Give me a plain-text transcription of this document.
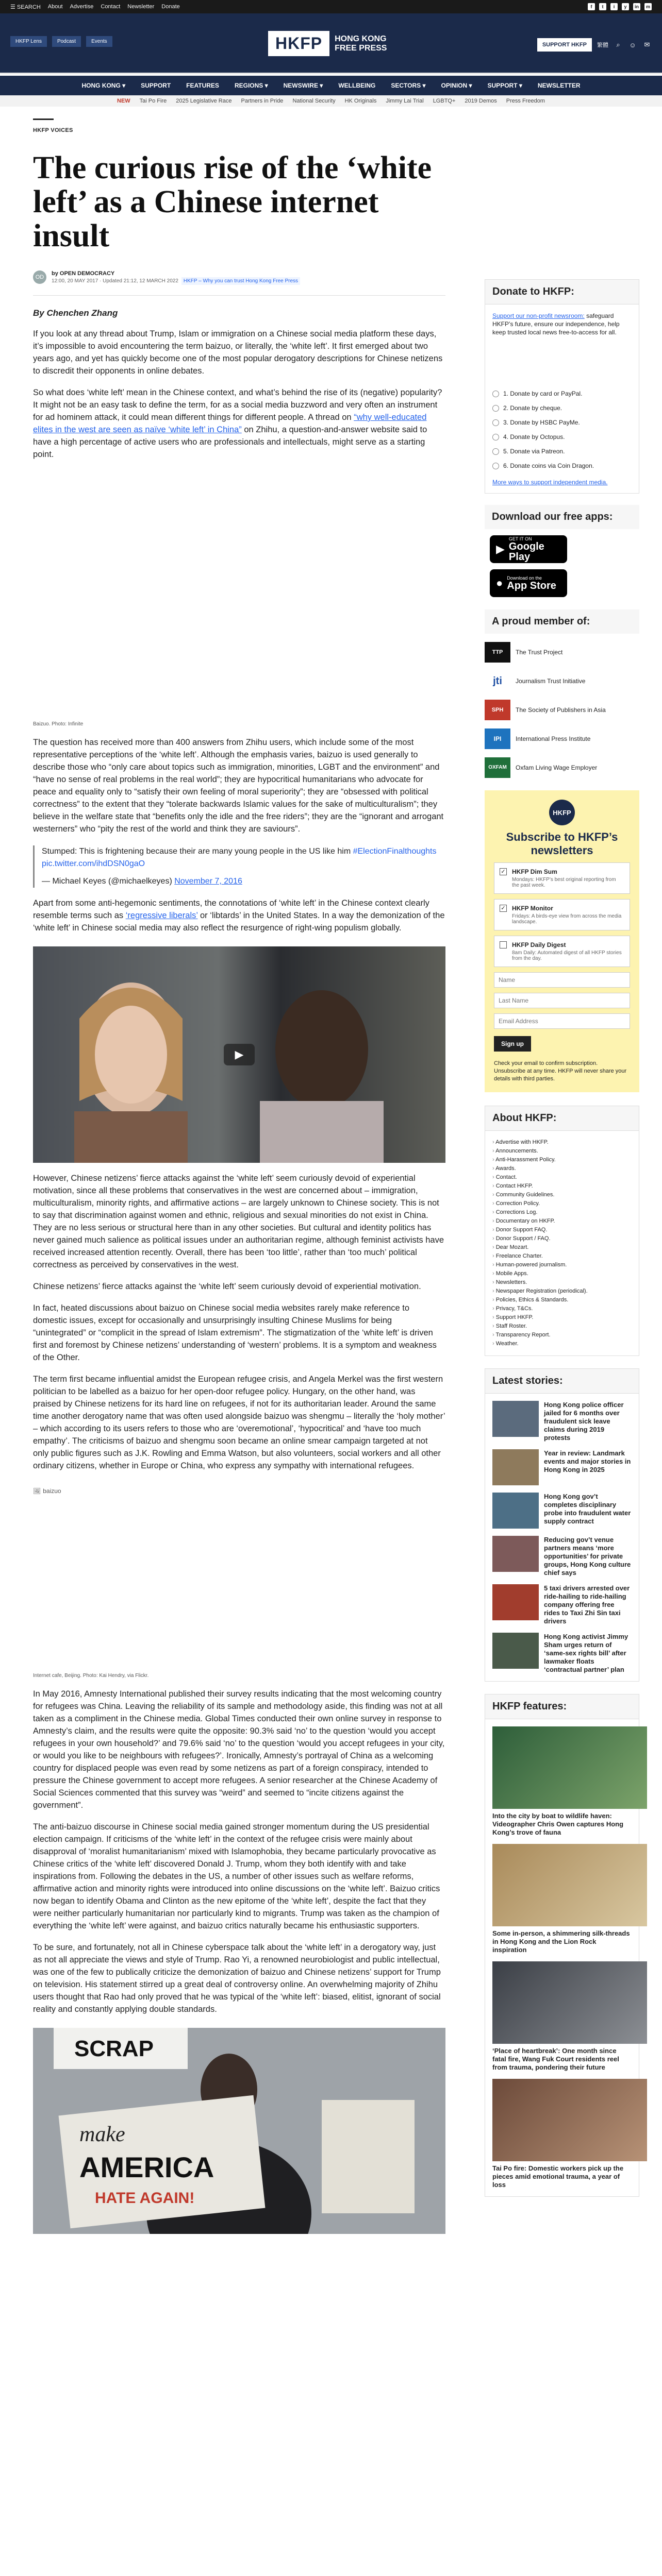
☰ SEARCH About Advertise Contact Newsletter Donate	f	t	i	y	in	m
HKFP Lens	Podcast	Events	HKFP	HONG KONG FREE PRESS	SUPPORT HKFP	繁體	⌕	☺ ✉
HONG KONG ▾	SUPPORT	FEATURES	REGIONS ▾	NEWSWIRE ▾	WELLBEING	SECTORS ▾	OPINION ▾	SUPPORT ▾	NEWSLETTER
NEW Tai Po Fire 2025 Legislative Race Partners in Pride National Security HK Originals Jimmy Lai Trial LGBTQ+ 2019 Demos Press Freedom
HKFP VOICES
The curious rise of the ‘white left’ as a Chinese internet insult
OD
by OPEN DEMOCRACY
12:00, 20 MAY 2017 · Updated 21:12, 12 MARCH 2022 HKFP – Why you can trust Hong Kong Free Press
By Chenchen Zhang

If you look at any thread about Trump, Islam or immigration on a Chinese social media platform these days, it’s impossible to avoid encountering the term baizuo, or literally, the ‘white left’. It first emerged about two years ago, and yet has quickly become one of the most popular derogatory descriptions for Chinese netizens to discredit their opponents in online debates.

So what does ‘white left’ mean in the Chinese context, and what’s behind the rise of its (negative) popularity? It might not be an easy task to define the term, for as a social media buzzword and very often an instrument for ad hominem attack, it could mean different things for different people. A thread on “why well-educated elites in the west are seen as naïve ‘white left’ in China” on Zhihu, a question-and-answer website said to have a high percentage of active users who are professionals and intellectuals, might serve as a starting point.

Baizuo. Photo: Infinite

The question has received more than 400 answers from Zhihu users, which include some of the most representative perceptions of the ‘white left’. Although the emphasis varies, baizuo is used generally to describe those who “only care about topics such as immigration, minorities, LGBT and the environment” and “have no sense of real problems in the real world”; they are hypocritical humanitarians who advocate for peace and equality only to “satisfy their own feeling of moral superiority”; they are “obsessed with political correctness” to the extent that they “tolerate backwards Islamic values for the sake of multiculturalism”; they believe in the welfare state that “benefits only the idle and the free riders”; they are the “ignorant and arrogant westerners” who “pity the rest of the world and think they are saviours”.

Stumped: This is frightening because their are many young people in the US like him #ElectionFinalthoughts pic.twitter.com/ihdDSN0gaO
— Michael Keyes (@michaelkeyes) November 7, 2016

Apart from some anti-hegemonic sentiments, the connotations of ‘white left’ in the Chinese context clearly resemble terms such as ‘regressive liberals’ or ‘libtards’ in the United States. In a way the demonization of the ‘white left’ in Chinese social media may also reflect the resurgence of right-wing populism globally.

▶

However, Chinese netizens’ fierce attacks against the ‘white left’ seem curiously devoid of experiential motivation, since all these problems that conservatives in the west are concerned about – immigration, multiculturalism, minority rights, and affirmative actions – are largely unknown to Chinese society. This is not to say that discrimination against women and ethnic, religious and sexual minorities do not exist in China. They are no less serious or structural here than in any other societies. But cultural and identity politics has never gained much salience as political issues under an authoritarian regime, although feminist activists have received increased attention recently. Overall, there has been ‘too little’, rather than ‘too much’ political correctness as perceived by conservatives in the west.

Chinese netizens’ fierce attacks against the ‘white left’ seem curiously devoid of experiential motivation.

In fact, heated discussions about baizuo on Chinese social media websites rarely make reference to domestic issues, except for occasionally and unsurprisingly insulting Chinese Muslims for being “unintegrated” or “complicit in the spread of Islam extremism”. The stigmatization of the ‘white left’ is driven first and foremost by Chinese netizens’ understanding of ‘western’ problems. It is a symptom and weakness of the Other.

The term first became influential amidst the European refugee crisis, and Angela Merkel was the first western politician to be labelled as a baizuo for her open-door refugee policy. Hungary, on the other hand, was praised by Chinese netizens for its hard line on refugees, if not for its authoritarian leader. Around the same time another derogatory name that was often used alongside baizuo was shengmu – literally the ‘holy mother’ – which according to its users refers to those who are ‘overemotional’, ‘hypocritical’ and ‘have too much empathy’. The criticisms of baizuo and shengmu soon became an online smear campaign targeted at not only public figures such as J.K. Rowling and Emma Watson, but also volunteers, social workers and all other ordinary citizens, whether in Europe or China, who express any sympathy with international refugees.

🖼 baizuo
Internet cafe, Beijing. Photo: Kai Hendry, via Flickr.

In May 2016, Amnesty International published their survey results indicating that the most welcoming country for refugees was China. Leaving the reliability of its sample and methodology aside, this finding was not at all taken as a compliment in the Chinese media. Global Times conducted their own online survey in response to Amnesty’s claim, and the results were quite the opposite: 90.3% said ‘no’ to the question ‘would you accept refugees in your own household?’ and 79.6% said ‘no’ to the question ‘would you accept refugees in your city, or would you like to be neighbours with refugees?’. Ironically, Amnesty’s portrayal of China as a welcoming country for displaced people was even read by some netizens as part of a foreign conspiracy, intended to pressure the Chinese government to accept more refugees. A senior researcher at the Chinese Academy of Social Sciences commented that this survey was “weird” and seemed to “incite citizens against the government”.

The anti-baizuo discourse in Chinese social media gained stronger momentum during the US presidential election campaign. If criticisms of the ‘white left’ in the context of the refugee crisis were mainly about disapproval of ‘moralist humanitarianism’ mixed with Islamophobia, they became particularly provocative as Chinese critics of the ‘white left’ discovered Donald J. Trump, whom they both identify with and take inspirations from. Following the debates in the US, a number of other issues such as welfare reforms, affirmative action and minority rights were introduced into online discussions on the ‘white left’. Baizuo critics now began to identify Obama and Clinton as the new epitome of the ‘white left’, despite the fact that they were neither particularly humanitarian nor particularly kind to migrants. Trump was taken as the champion of everything the ‘white left’ were against, and baizuo critics naturally became his enthusiastic supporters.

To be sure, and fortunately, not all in Chinese cyberspace talk about the ‘white left’ in a derogatory way, just as not all appreciate the views and style of Trump. Rao Yi, a renowned neurobiologist and public intellectual, was one of the few to publically criticize the demonization of baizuo and Chinese netizens’ support for Trump on television. His statement stirred up a great deal of controversy online. An overwhelming majority of Zhihu users thought that Rao had only proved that he was typical of the ‘white left’: biased, elitist, ignorant of social reality and constantly applying double standards.

SCRAP
make
AMERICA
HATE AGAIN!
Donate to HKFP:
Support our non-profit newsroom: safeguard HKFP’s future, ensure our independence, help keep trusted local news free-to-access for all.
1. Donate by card or PayPal.
2. Donate by cheque.
3. Donate by HSBC PayMe.
4. Donate by Octopus.
5. Donate via Patreon.
6. Donate coins via Coin Dragon.
More ways to support independent media.
Download our free apps:
▶
GET IT ON
Google Play
● Download on the
App Store
A proud member of:
TTP	The Trust Project
jti	Journalism Trust Initiative
SPH	The Society of Publishers in Asia
IPI	International Press Institute
OXFAM	Oxfam Living Wage Employer
HKFP
Subscribe to HKFP’s newsletters
✓ HKFP Dim Sum
Mondays: HKFP’s best original reporting from the past week.
✓ HKFP Monitor
Fridays: A birds-eye view from across the media landscape.
HKFP Daily Digest
8am Daily: Automated digest of all HKFP stories from the day.
Name Last Name Email Address Sign up
Check your email to confirm subscription. Unsubscribe at any time. HKFP will never share your details with third parties.
About HKFP:
› Advertise with HKFP.
› Announcements.
› Anti-Harassment Policy.
› Awards.
› Contact.
› Contact HKFP.
› Community Guidelines.
› Correction Policy.
› Corrections Log.
› Documentary on HKFP.
› Donor Support FAQ.
› Donor Support / FAQ.
› Dear Mozart.
› Freelance Charter.
› Human-powered journalism.
› Mobile Apps.
› Newsletters.
› Newspaper Registration (periodical).
› Policies, Ethics & Standards.
› Privacy, T&Cs.
› Support HKFP.
› Staff Roster.
› Transparency Report.
› Weather.
Latest stories:
Hong Kong police officer jailed for 6 months over fraudulent sick leave claims during 2019 protests
Year in review: Landmark events and major stories in Hong Kong in 2025
Hong Kong gov’t completes disciplinary probe into fraudulent water supply contract
Reducing gov’t venue partners means ‘more opportunities’ for private groups, Hong Kong culture chief says
5 taxi drivers arrested over ride-hailing to ride-hailing company offering free rides to Taxi Zhi Sin taxi drivers
Hong Kong activist Jimmy Sham urges return of ‘same-sex rights bill’ after lawmaker floats ‘contractual partner’ plan
HKFP features:
Into the city by boat to wildlife haven: Videographer Chris Owen captures Hong Kong’s trove of fauna
Some in-person, a shimmering silk-threads in Hong Kong and the Lion Rock inspiration
‘Place of heartbreak’: One month since fatal fire, Wang Fuk Court residents reel from trauma, pondering their future
Tai Po fire: Domestic workers pick up the pieces amid emotional trauma, a year of loss
